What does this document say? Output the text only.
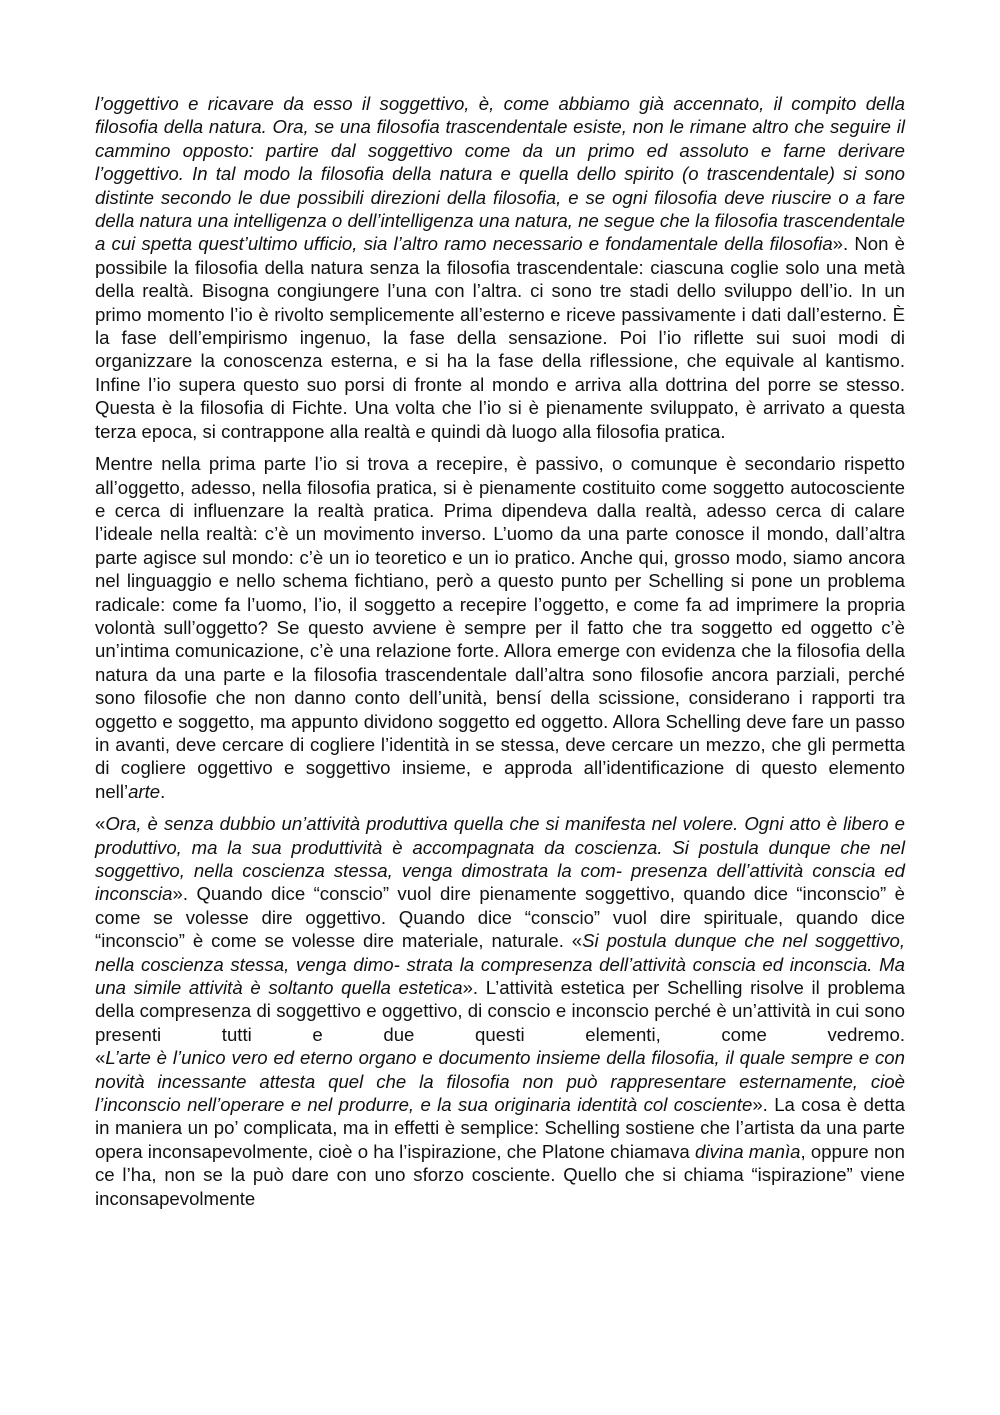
l’oggettivo e ricavare da esso il soggettivo, è, come abbiamo già accennato, il compito della filosofia della natura. Ora, se una filosofia trascendentale esiste, non le rimane altro che seguire il cammino opposto: partire dal soggettivo come da un primo ed assoluto e farne derivare l’oggettivo. In tal modo la filosofia della natura e quella dello spirito (o trascendentale) si sono distinte secondo le due possibili direzioni della filosofia, e se ogni filosofia deve riuscire o a fare della natura una intelligenza o dell’intelligenza una natura, ne segue che la filosofia trascendentale a cui spetta quest’ultimo ufficio, sia l’altro ramo necessario e fondamentale della filosofia». Non è possibile la filosofia della natura senza la filosofia trascendentale: ciascuna coglie solo una metà della realtà. Bisogna congiungere l’una con l’altra. ci sono tre stadi dello sviluppo dell’io. In un primo momento l’io è rivolto semplicemente all’esterno e riceve passivamente i dati dall’esterno. È la fase dell’empirismo ingenuo, la fase della sensazione. Poi l’io riflette sui suoi modi di organizzare la conoscenza esterna, e si ha la fase della riflessione, che equivale al kantismo. Infine l’io supera questo suo porsi di fronte al mondo e arriva alla dottrina del porre se stesso. Questa è la filosofia di Fichte. Una volta che l’io si è pienamente sviluppato, è arrivato a questa terza epoca, si contrappone alla realtà e quindi dà luogo alla filosofia pratica.

Mentre nella prima parte l’io si trova a recepire, è passivo, o comunque è secondario rispetto all’oggetto, adesso, nella filosofia pratica, si è pienamente costituito come soggetto autocosciente e cerca di influenzare la realtà pratica. Prima dipendeva dalla realtà, adesso cerca di calare l’ideale nella realtà: c’è un movimento inverso. L’uomo da una parte conosce il mondo, dall’altra parte agisce sul mondo: c’è un io teoretico e un io pratico. Anche qui, grosso modo, siamo ancora nel linguaggio e nello schema fichtiano, però a questo punto per Schelling si pone un problema radicale: come fa l’uomo, l’io, il soggetto a recepire l’oggetto, e come fa ad imprimere la propria volontà sull’oggetto? Se questo avviene è sempre per il fatto che tra soggetto ed oggetto c’è un’intima comunicazione, c’è una relazione forte. Allora emerge con evidenza che la filosofia della natura da una parte e la filosofia trascendentale dall’altra sono filosofie ancora parziali, perché sono filosofie che non danno conto dell’unità, bensí della scissione, considerano i rapporti tra oggetto e soggetto, ma appunto dividono soggetto ed oggetto. Allora Schelling deve fare un passo in avanti, deve cercare di cogliere l’identità in se stessa, deve cercare un mezzo, che gli permetta di cogliere oggettivo e soggettivo insieme, e approda all’identificazione di questo elemento nell’arte.

«Ora, è senza dubbio un’attività produttiva quella che si manifesta nel volere. Ogni atto è libero e produttivo, ma la sua produttività è accompagnata da coscienza. Si postula dunque che nel soggettivo, nella coscienza stessa, venga dimostrata la com- presenza dell’attività conscia ed inconscia». Quando dice “conscio” vuol dire pienamente soggettivo, quando dice “inconscio” è come se volesse dire oggettivo. Quando dice “conscio” vuol dire spirituale, quando dice “inconscio” è come se volesse dire materiale, naturale. «Si postula dunque che nel soggettivo, nella coscienza stessa, venga dimo- strata la compresenza dell’attività conscia ed inconscia. Ma una simile attività è soltanto quella estetica». L’attività estetica per Schelling risolve il problema della compresenza di soggettivo e oggettivo, di conscio e inconscio perché è un’attività in cui sono presenti tutti e due questi elementi, come vedremo.

«L’arte è l’unico vero ed eterno organo e documento insieme della filosofia, il quale sempre e con novità incessante attesta quel che la filosofia non può rappresentare esternamente, cioè l’inconscio nell’operare e nel produrre, e la sua originaria identità col cosciente». La cosa è detta in maniera un po’ complicata, ma in effetti è semplice: Schelling sostiene che l’artista da una parte opera inconsapevolmente, cioè o ha l’ispirazione, che Platone chiamava divina manìa, oppure non ce l’ha, non se la può dare con uno sforzo cosciente. Quello che si chiama “ispirazione” viene inconsapevolmente
